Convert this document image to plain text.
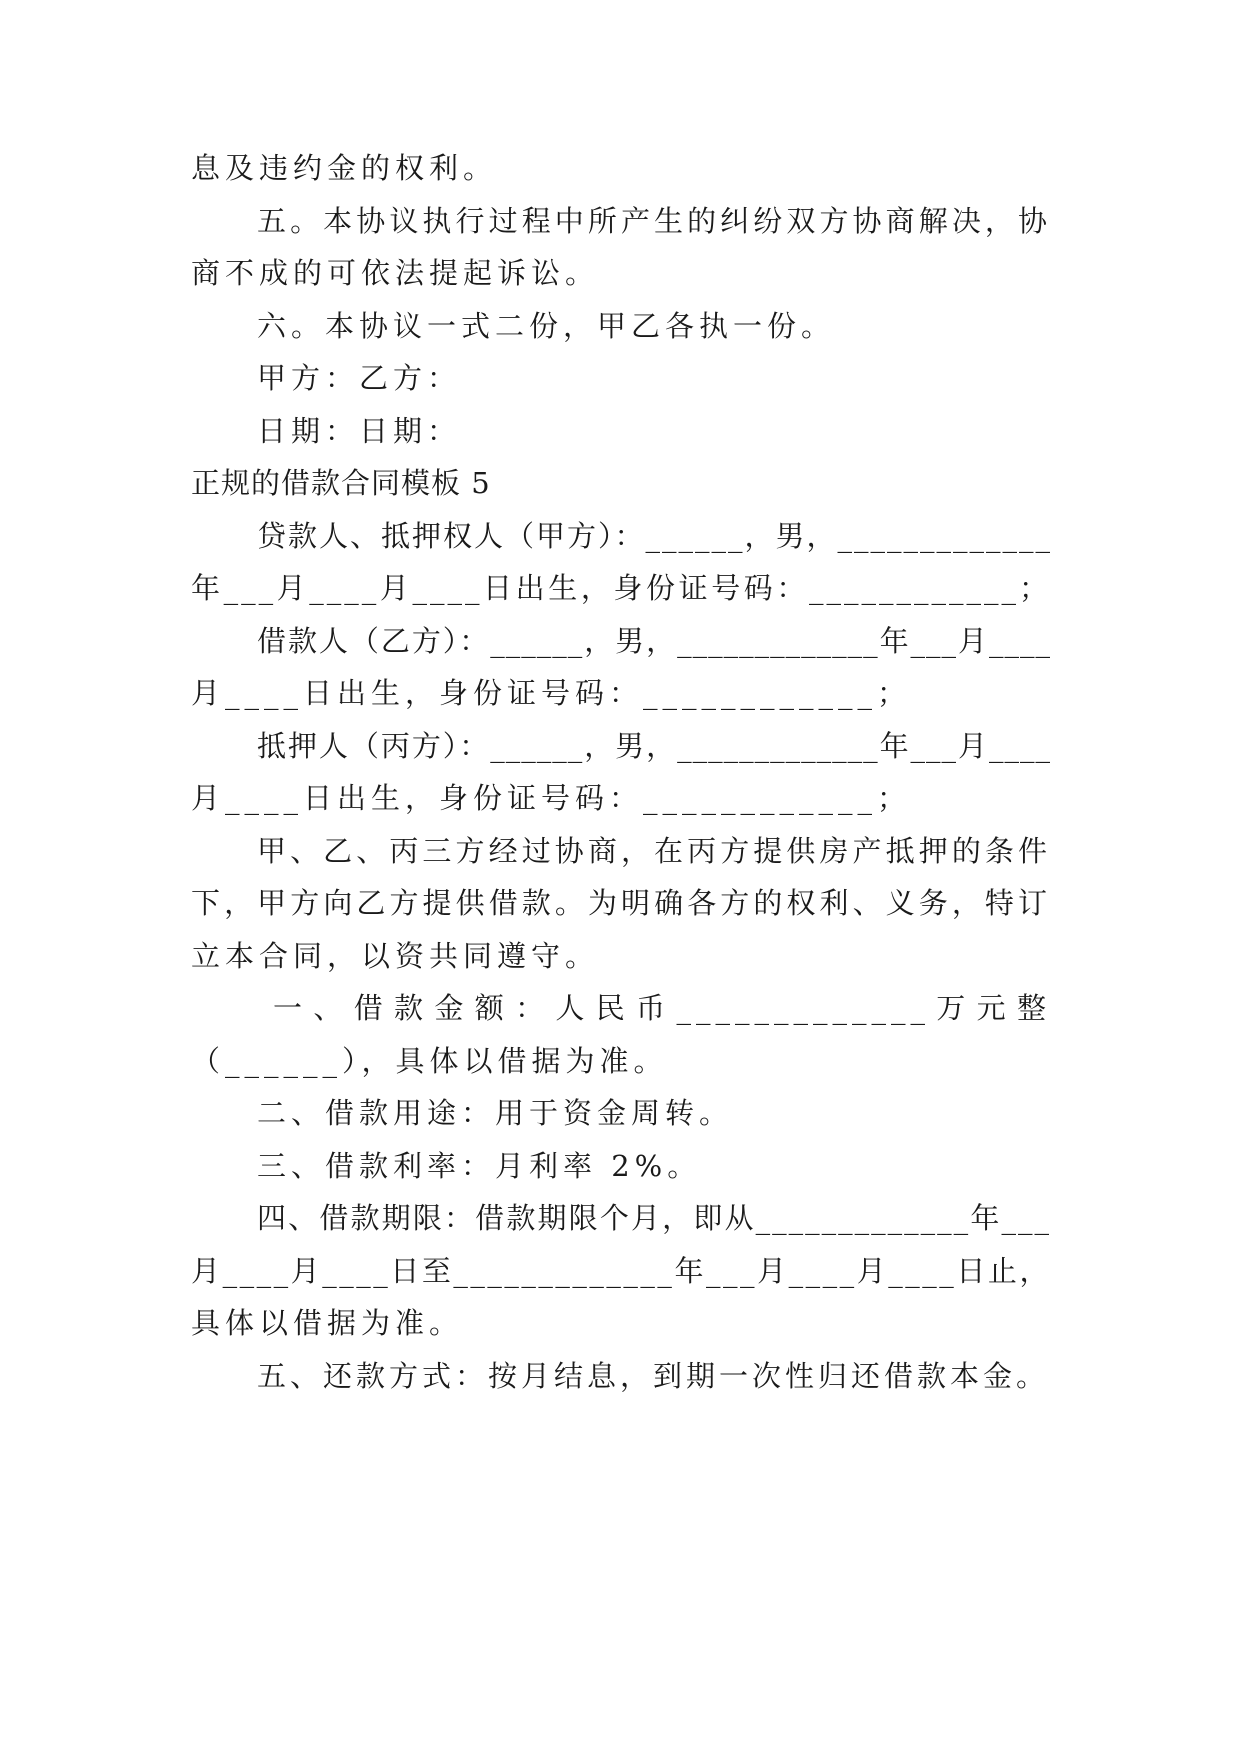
息及违约金的权利。
五。本协议执行过程中所产生的纠纷双方协商解决，协
商不成的可依法提起诉讼。
六。本协议一式二份，甲乙各执一份。
甲方：乙方：
日期：日期：
正规的借款合同模板 5
贷款人、抵押权人（甲方）：______，男，_____________
年___月____月____日出生，身份证号码：____________；
借款人（乙方）：______，男，_____________年___月____
月____日出生，身份证号码：____________；
抵押人（丙方）：______，男，_____________年___月____
月____日出生，身份证号码：____________；
甲、乙、丙三方经过协商，在丙方提供房产抵押的条件
下，甲方向乙方提供借款。为明确各方的权利、义务，特订
立本合同，以资共同遵守。
一、借款金额：人民币_____________万元整
（______），具体以借据为准。
二、借款用途：用于资金周转。
三、借款利率：月利率 2%。
四、借款期限：借款期限个月，即从_____________年___
月____月____日至_____________年___月____月____日止，
具体以借据为准。
五、还款方式：按月结息，到期一次性归还借款本金。
